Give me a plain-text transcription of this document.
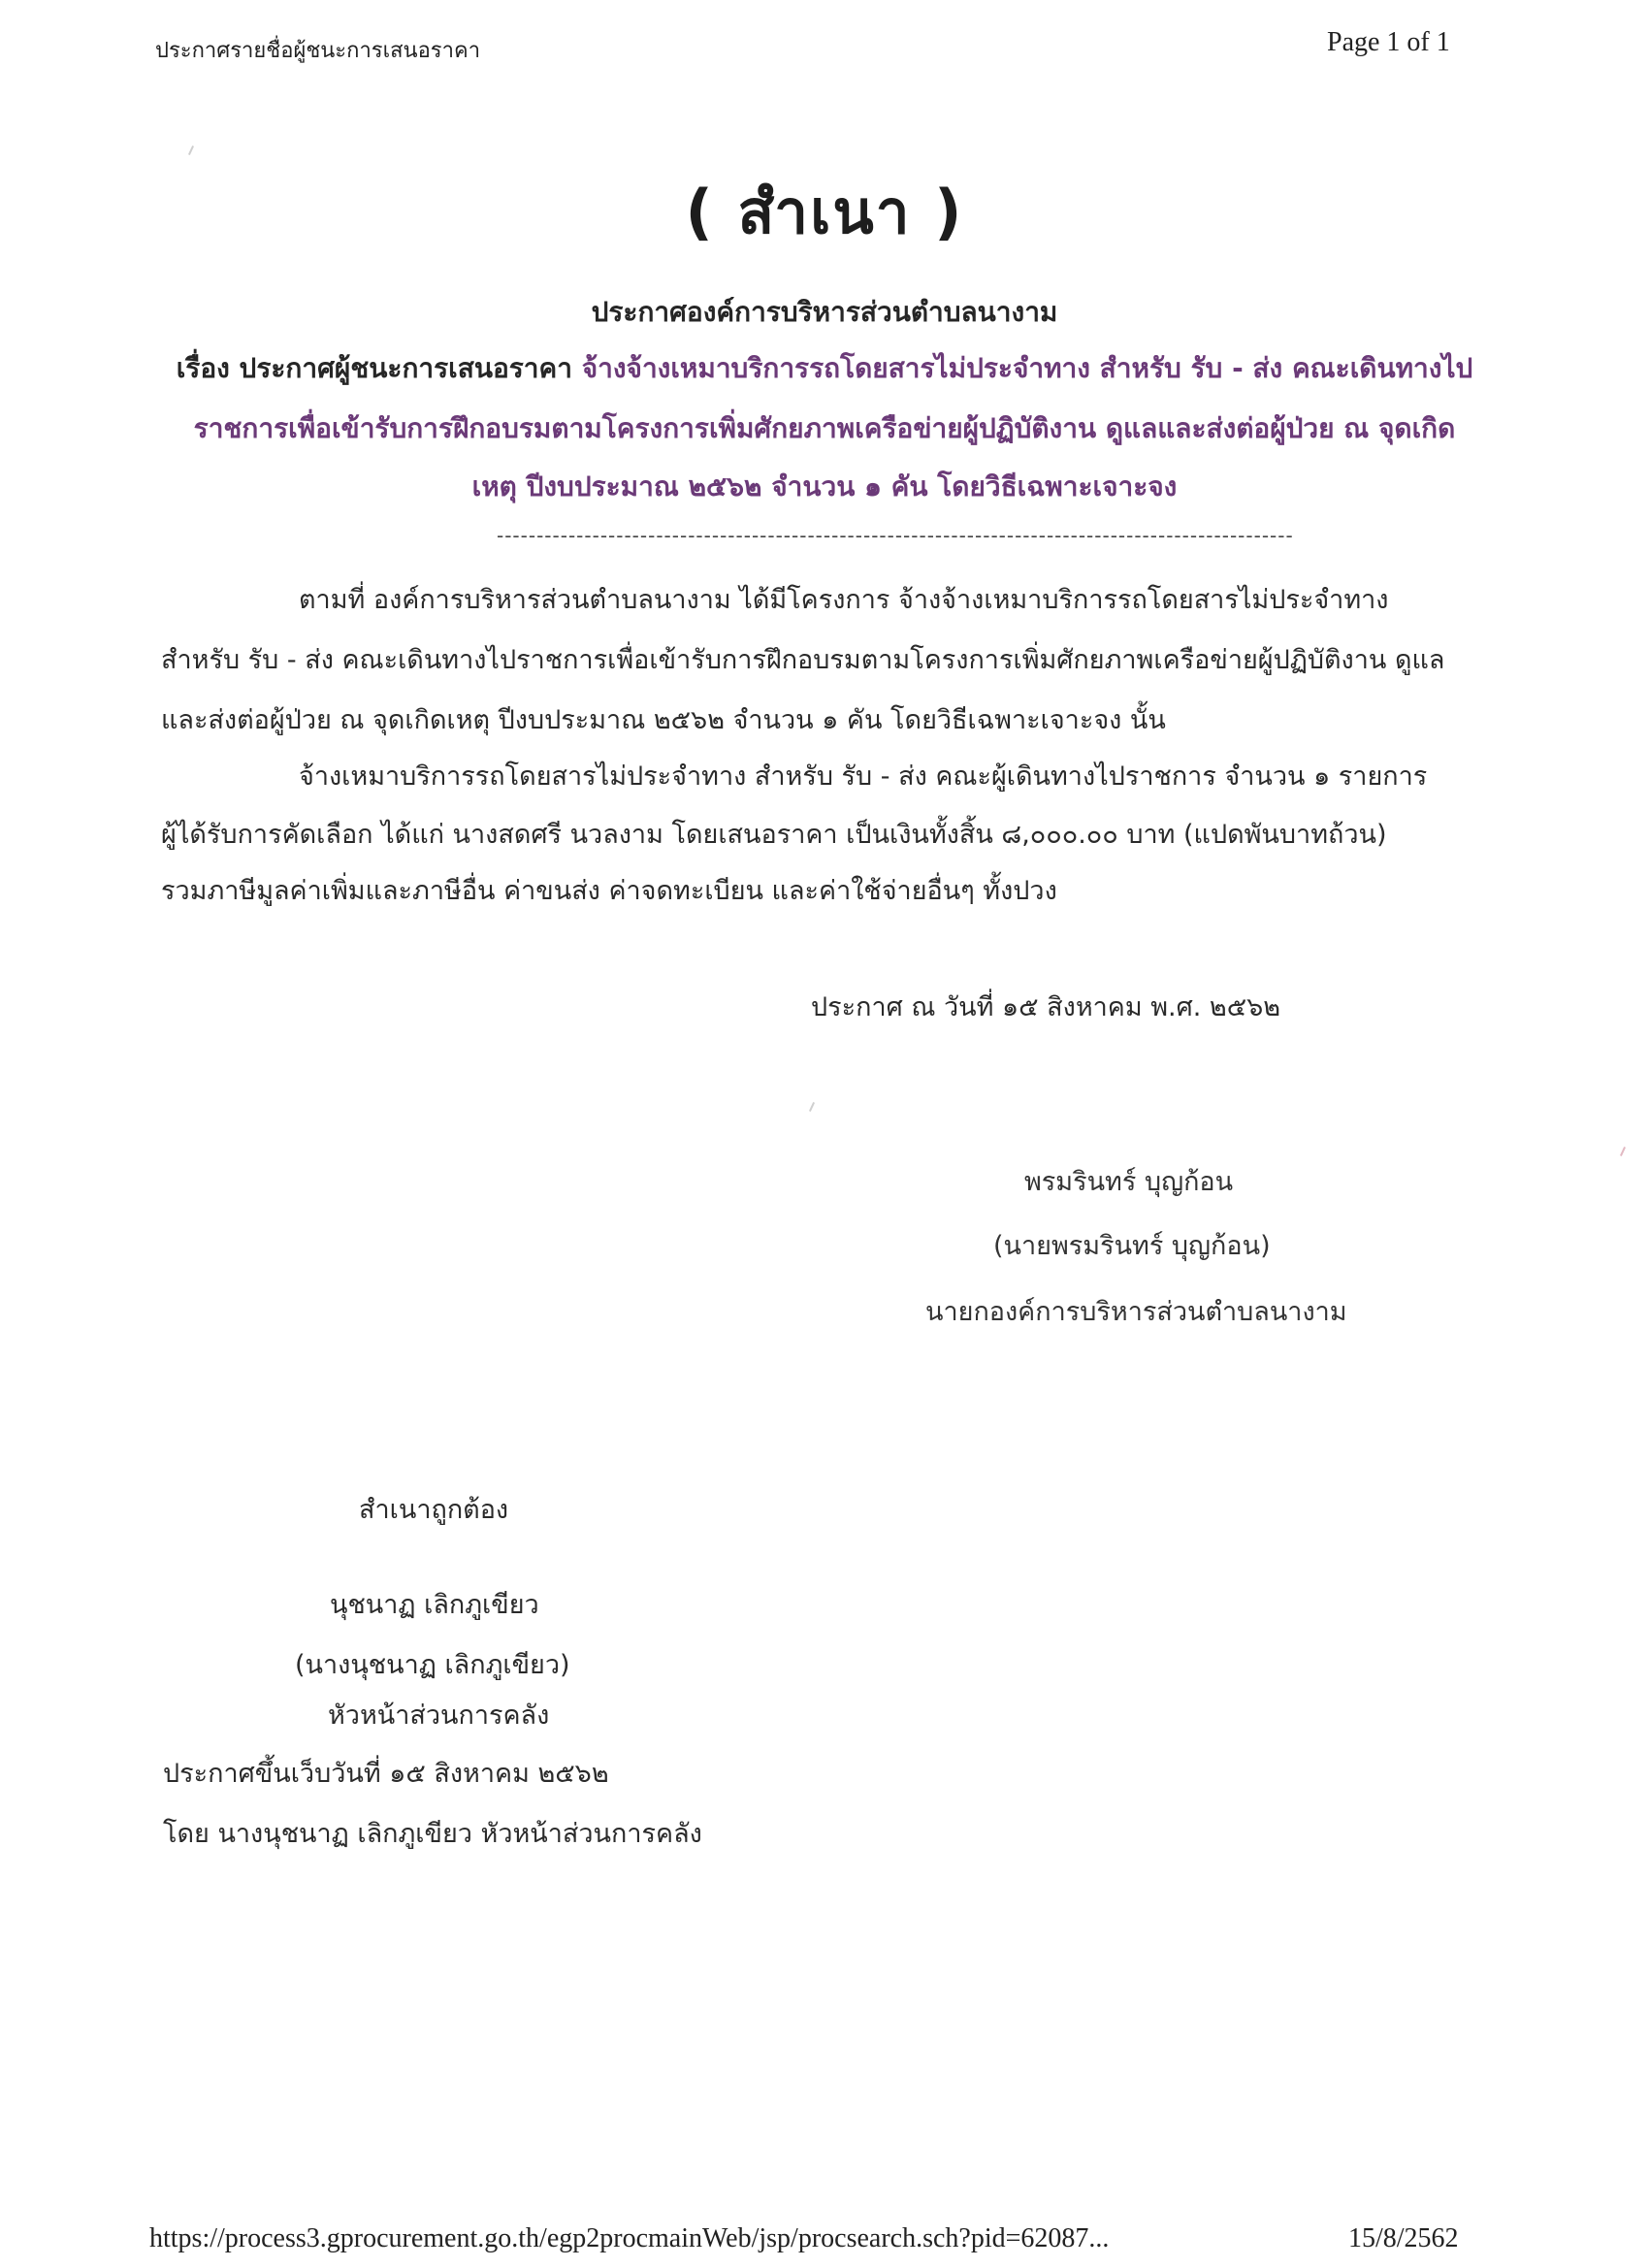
ประกาศรายชื่อผู้ชนะการเสนอราคา	Page 1 of 1
( สำเนา )
ประกาศองค์การบริหารส่วนตำบลนางาม
เรื่อง ประกาศผู้ชนะการเสนอราคา จ้างจ้างเหมาบริการรถโดยสารไม่ประจำทาง สำหรับ รับ - ส่ง คณะเดินทางไป
ราชการเพื่อเข้ารับการฝึกอบรมตามโครงการเพิ่มศักยภาพเครือข่ายผู้ปฏิบัติงาน ดูแลและส่งต่อผู้ป่วย ณ จุดเกิด
เหตุ ปีงบประมาณ ๒๕๖๒ จำนวน ๑ คัน โดยวิธีเฉพาะเจาะจง
----------------------------------------------------------------------------------------------------
ตามที่ องค์การบริหารส่วนตำบลนางาม ได้มีโครงการ จ้างจ้างเหมาบริการรถโดยสารไม่ประจำทาง
สำหรับ รับ - ส่ง คณะเดินทางไปราชการเพื่อเข้ารับการฝึกอบรมตามโครงการเพิ่มศักยภาพเครือข่ายผู้ปฏิบัติงาน ดูแล
และส่งต่อผู้ป่วย ณ จุดเกิดเหตุ ปีงบประมาณ ๒๕๖๒ จำนวน ๑ คัน โดยวิธีเฉพาะเจาะจง นั้น
จ้างเหมาบริการรถโดยสารไม่ประจำทาง สำหรับ รับ - ส่ง คณะผู้เดินทางไปราชการ จำนวน ๑ รายการ
ผู้ได้รับการคัดเลือก ได้แก่ นางสดศรี นวลงาม โดยเสนอราคา เป็นเงินทั้งสิ้น ๘,๐๐๐.๐๐ บาท (แปดพันบาทถ้วน)
รวมภาษีมูลค่าเพิ่มและภาษีอื่น ค่าขนส่ง ค่าจดทะเบียน และค่าใช้จ่ายอื่นๆ ทั้งปวง
ประกาศ ณ วันที่ ๑๕ สิงหาคม พ.ศ. ๒๕๖๒
พรมรินทร์ บุญก้อน
(นายพรมรินทร์ บุญก้อน)
นายกองค์การบริหารส่วนตำบลนางาม
สำเนาถูกต้อง
นุชนาฏ เลิกภูเขียว
(นางนุชนาฏ เลิกภูเขียว)
หัวหน้าส่วนการคลัง
ประกาศขึ้นเว็บวันที่ ๑๕ สิงหาคม ๒๕๖๒
โดย นางนุชนาฏ เลิกภูเขียว หัวหน้าส่วนการคลัง
https://process3.gprocurement.go.th/egp2procmainWeb/jsp/procsearch.sch?pid=62087...	15/8/2562
